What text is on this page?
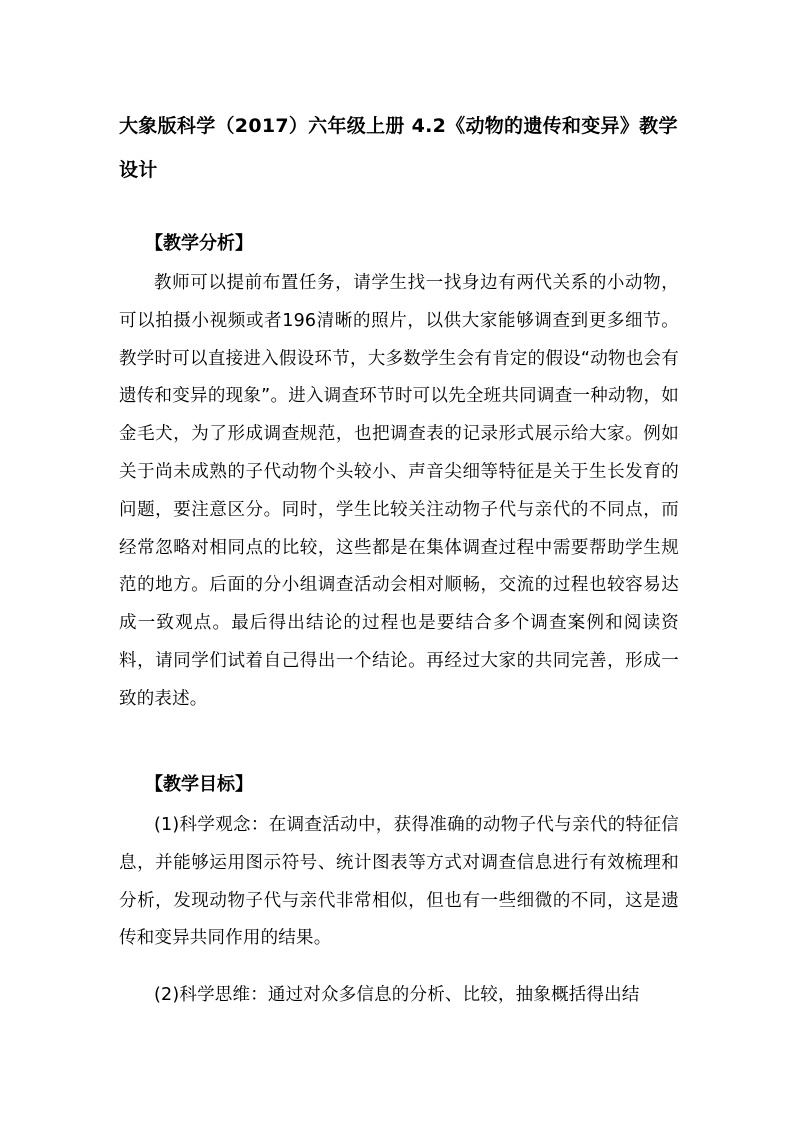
大象版科学（2017）六年级上册 4.2《动物的遗传和变异》教学设计
【教学分析】

教师可以提前布置任务，请学生找一找身边有两代关系的小动物，可以拍摄小视频或者196清晰的照片，以供大家能够调查到更多细节。教学时可以直接进入假设环节，大多数学生会有肯定的假设“动物也会有遗传和变异的现象”。进入调查环节时可以先全班共同调查一种动物，如金毛犬，为了形成调查规范，也把调查表的记录形式展示给大家。例如关于尚未成熟的子代动物个头较小、声音尖细等特征是关于生长发育的问题，要注意区分。同时，学生比较关注动物子代与亲代的不同点，而经常忽略对相同点的比较，这些都是在集体调查过程中需要帮助学生规范的地方。后面的分小组调查活动会相对顺畅，交流的过程也较容易达成一致观点。最后得出结论的过程也是要结合多个调查案例和阅读资料，请同学们试着自己得出一个结论。再经过大家的共同完善，形成一致的表述。

【教学目标】

(1)科学观念：在调查活动中，获得准确的动物子代与亲代的特征信息，并能够运用图示符号、统计图表等方式对调查信息进行有效梳理和分析，发现动物子代与亲代非常相似，但也有一些细微的不同，这是遗传和变异共同作用的结果。

(2)科学思维：通过对众多信息的分析、比较，抽象概括得出结
